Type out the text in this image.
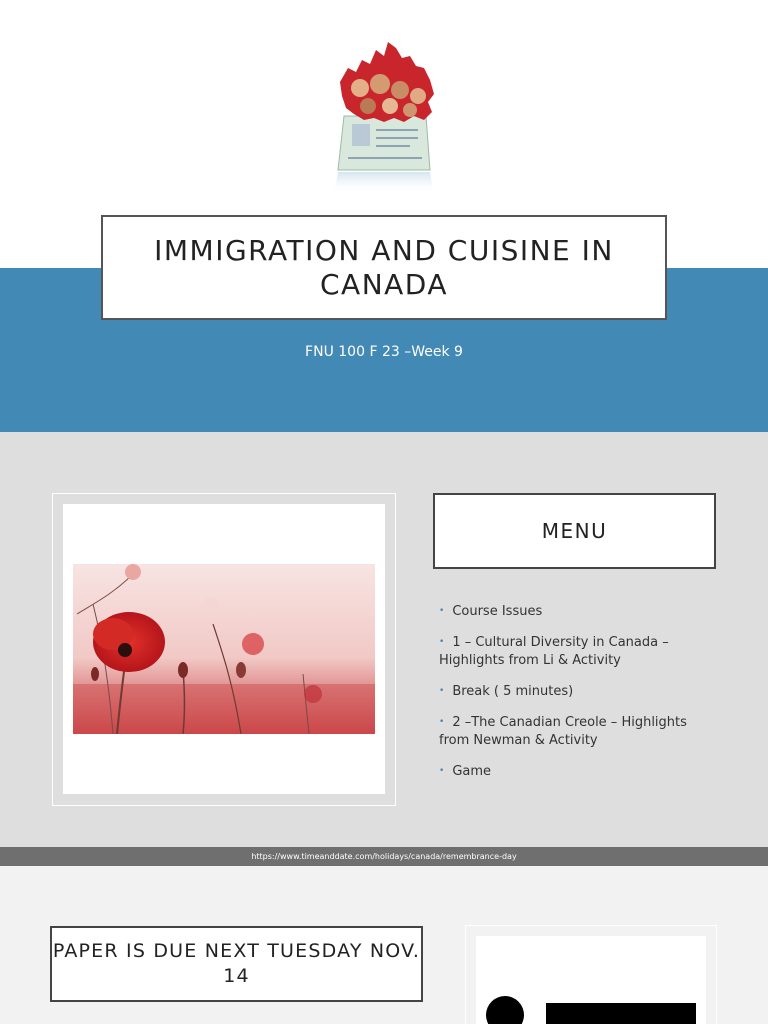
IMMIGRATION AND CUISINE IN CANADA
FNU 100 F 23 –Week 9
MENU
• Course Issues
• 1 – Cultural Diversity in Canada – Highlights from Li & Activity
• Break ( 5 minutes)
• 2 –The Canadian Creole – Highlights from Newman & Activity
• Game
https://www.timeanddate.com/holidays/canada/remembrance-day
PAPER IS DUE NEXT TUESDAY NOV. 14
